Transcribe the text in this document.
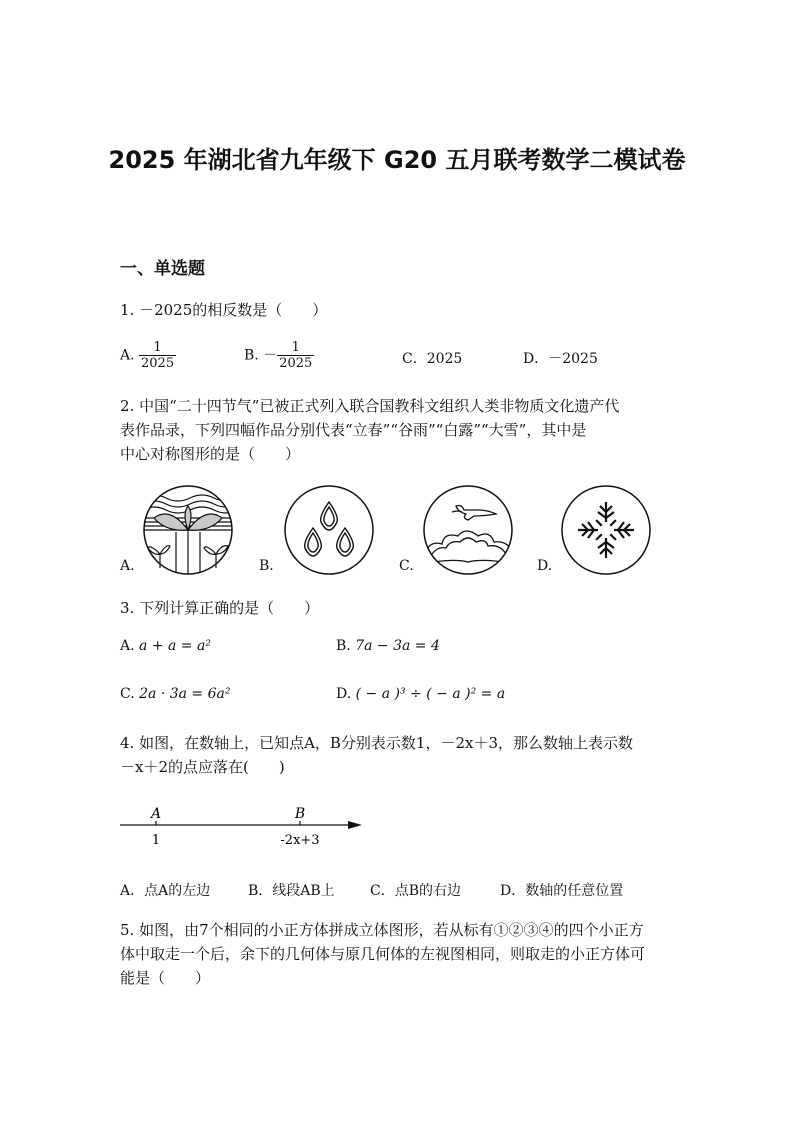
2025 年湖北省九年级下 G20 五月联考数学二模试卷
一、单选题
1. －2025的相反数是（　　）
A. $\frac{1}{2025}$	B. － $\frac{1}{2025}$	C．2025	D．－2025
2. 中国“二十四节气”已被正式列入联合国教科文组织人类非物质文化遗产代
表作品录，下列四幅作品分别代表“立春”“谷雨”“白露”“大雪”，其中是
中心对称图形的是（　　）
A.	B.	C.	D.
3. 下列计算正确的是（　　）
A. a + a = a²	B. 7a − 3a = 4
C. 2a · 3a = 6a²	D. ( − a )³ ÷ ( − a )² = a
4. 如图，在数轴上，已知点A，B分别表示数1，－2x＋3，那么数轴上表示数
－x＋2的点应落在(　　)
A	B
1	-2x+3
A．点A的左边	B．线段AB上	C．点B的右边	D．数轴的任意位置
5. 如图，由7个相同的小正方体拼成立体图形，若从标有①②③④的四个小正方
体中取走一个后，余下的几何体与原几何体的左视图相同，则取走的小正方体可
能是（　　）
